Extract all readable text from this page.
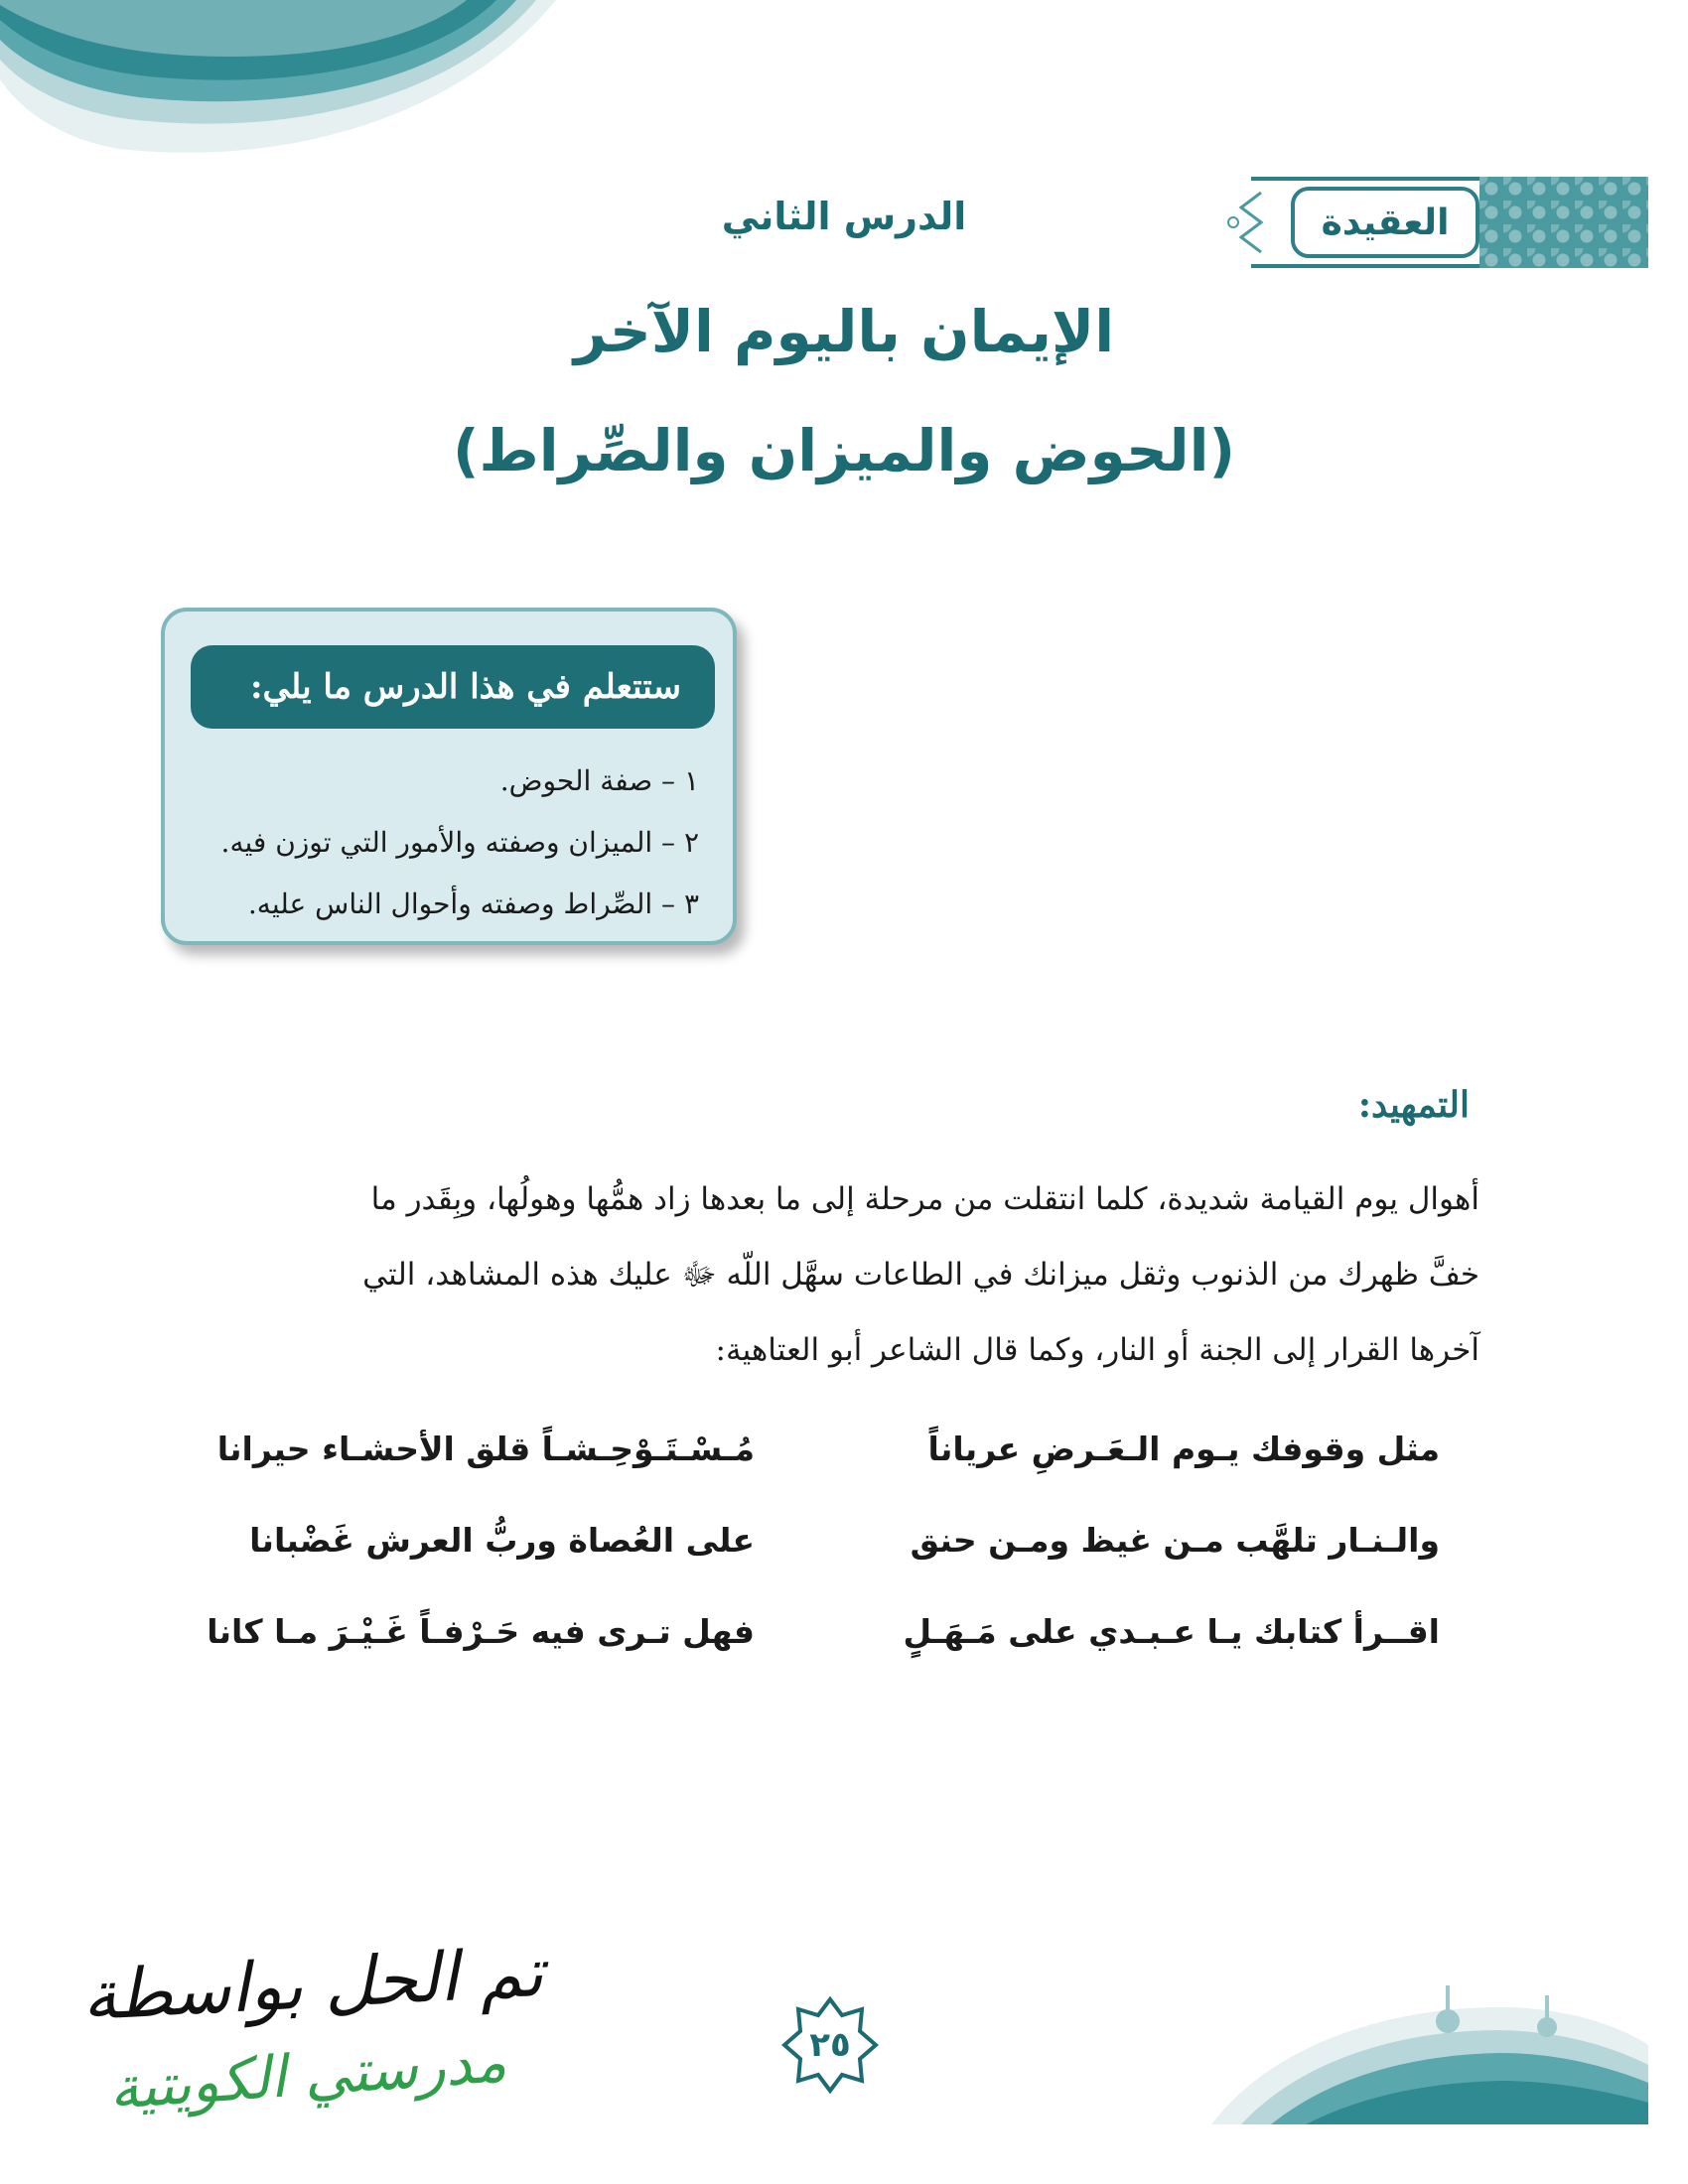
العقيدة
الدرس الثاني
الإيمان باليوم الآخر
(الحوض والميزان والصِّراط)
ستتعلم في هذا الدرس ما يلي:
١ – صفة الحوض.
٢ – الميزان وصفته والأمور التي توزن فيه.
٣ – الصِّراط وصفته وأحوال الناس عليه.
التمهيد:
أهوال يوم القيامة شديدة، كلما انتقلت من مرحلة إلى ما بعدها زاد همُّها وهولُها، وبِقَدر ما
خفَّ ظهرك من الذنوب وثقل ميزانك في الطاعات سهَّل اللّه ﷻ عليك هذه المشاهد، التي
آخرها القرار إلى الجنة أو النار، وكما قال الشاعر أبو العتاهية:
مثل وقوفك يـوم الـعَـرضِ عرياناً
مُـسْـتَـوْحِـشـاً قلق الأحشـاء حيرانا
والـنـار تلهَّب مـن غيظ ومـن حنق
على العُصاة وربُّ العرش غَضْبانا
اقــرأ كتابك يـا عـبـدي على مَـهَـلٍ
فهل تـرى فيه حَـرْفـاً غَـيْـرَ مـا كانا
٢٥
تم الحل بواسطة
مدرستي الكويتية
